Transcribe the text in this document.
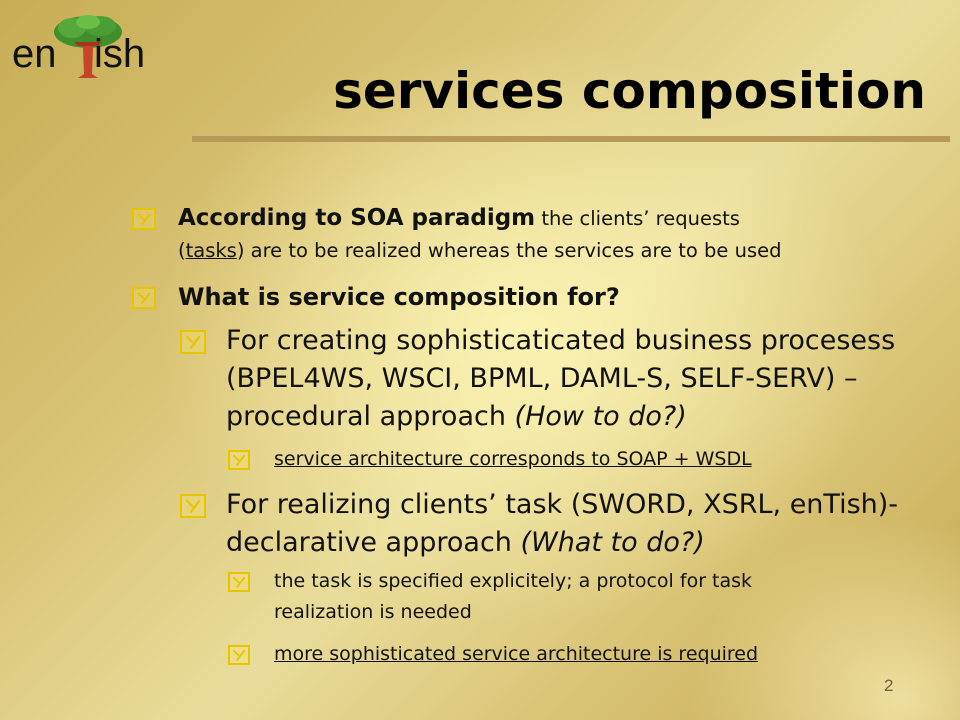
en ish
services composition
According to SOA paradigm the clients’ requests
(tasks) are to be realized whereas the services are to be used
What is service composition for?
For creating sophisticaticated business procesess
(BPEL4WS, WSCI, BPML, DAML-S, SELF-SERV) –
procedural approach (How to do?)
service architecture corresponds to SOAP + WSDL
For realizing clients’ task (SWORD, XSRL, enTish)-
declarative approach (What to do?)
the task is specified explicitely; a protocol for task
realization is needed
more sophisticated service architecture is required
2
